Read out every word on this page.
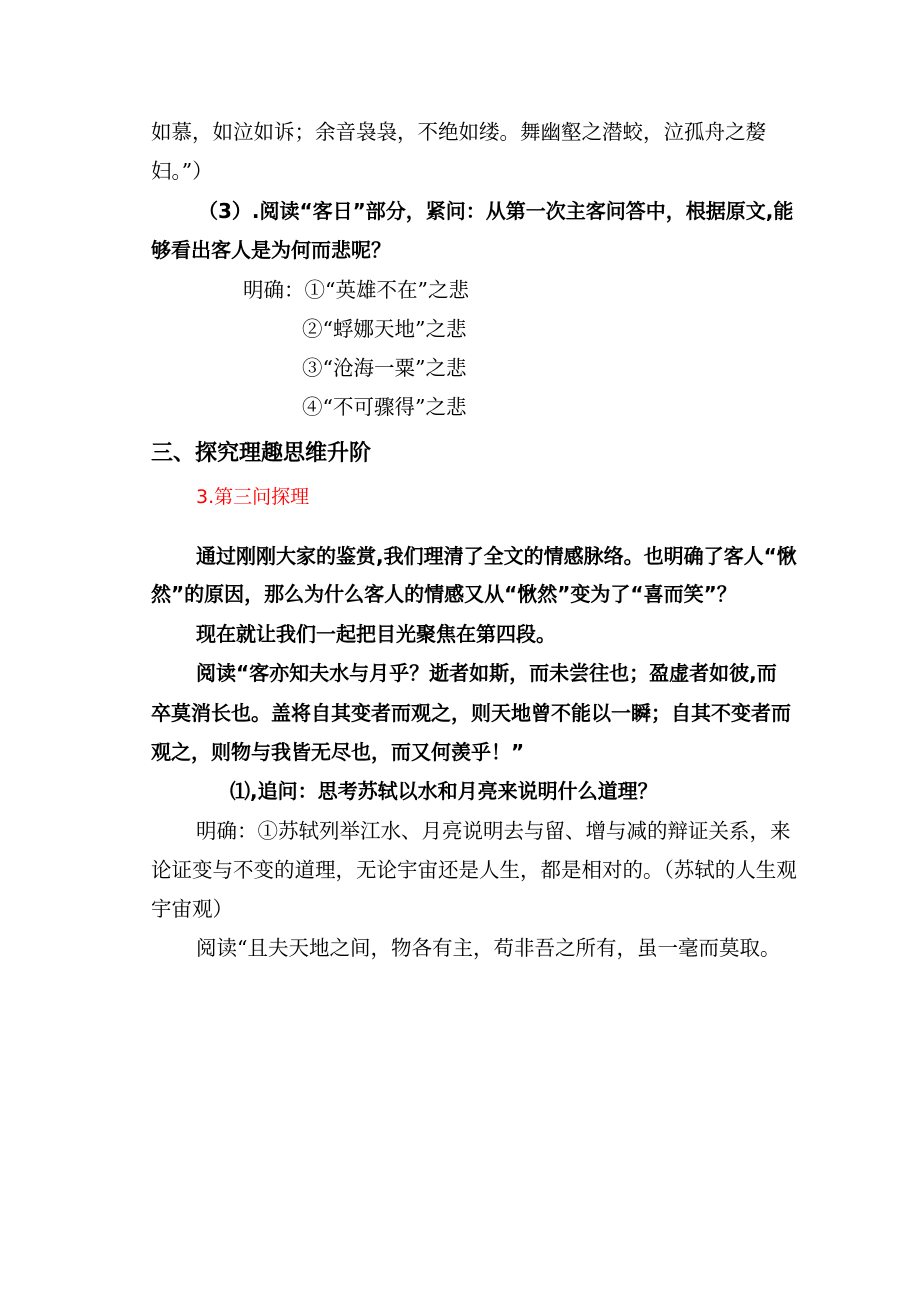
如慕，如泣如诉；余音袅袅，不绝如缕。舞幽壑之潜蛟，泣孤舟之嫠
妇。”）
（3）.阅读“客日”部分，紧问：从第一次主客问答中，根据原文,能
够看出客人是为何而悲呢？
明确：①“英雄不在”之悲
②“蜉娜天地”之悲
③“沧海一粟”之悲
④“不可骤得”之悲
三、探究理趣思维升阶
3.第三问探理
通过刚刚大家的鉴赏,我们理清了全文的情感脉络。也明确了客人“愀
然”的原因，那么为什么客人的情感又从“愀然”变为了“喜而笑”？
现在就让我们一起把目光聚焦在第四段。
阅读“客亦知夫水与月乎？逝者如斯，而未尝往也；盈虚者如彼,而
卒莫消长也。盖将自其变者而观之，则天地曾不能以一瞬；自其不变者而
观之，则物与我皆无尽也，而又何羡乎！”
⑴,追问：思考苏轼以水和月亮来说明什么道理？
明确：①苏轼列举江水、月亮说明去与留、增与减的辩证关系，来
论证变与不变的道理，无论宇宙还是人生，都是相对的。（苏轼的人生观
宇宙观）
阅读“且夫天地之间，物各有主，苟非吾之所有，虽一毫而莫取。
